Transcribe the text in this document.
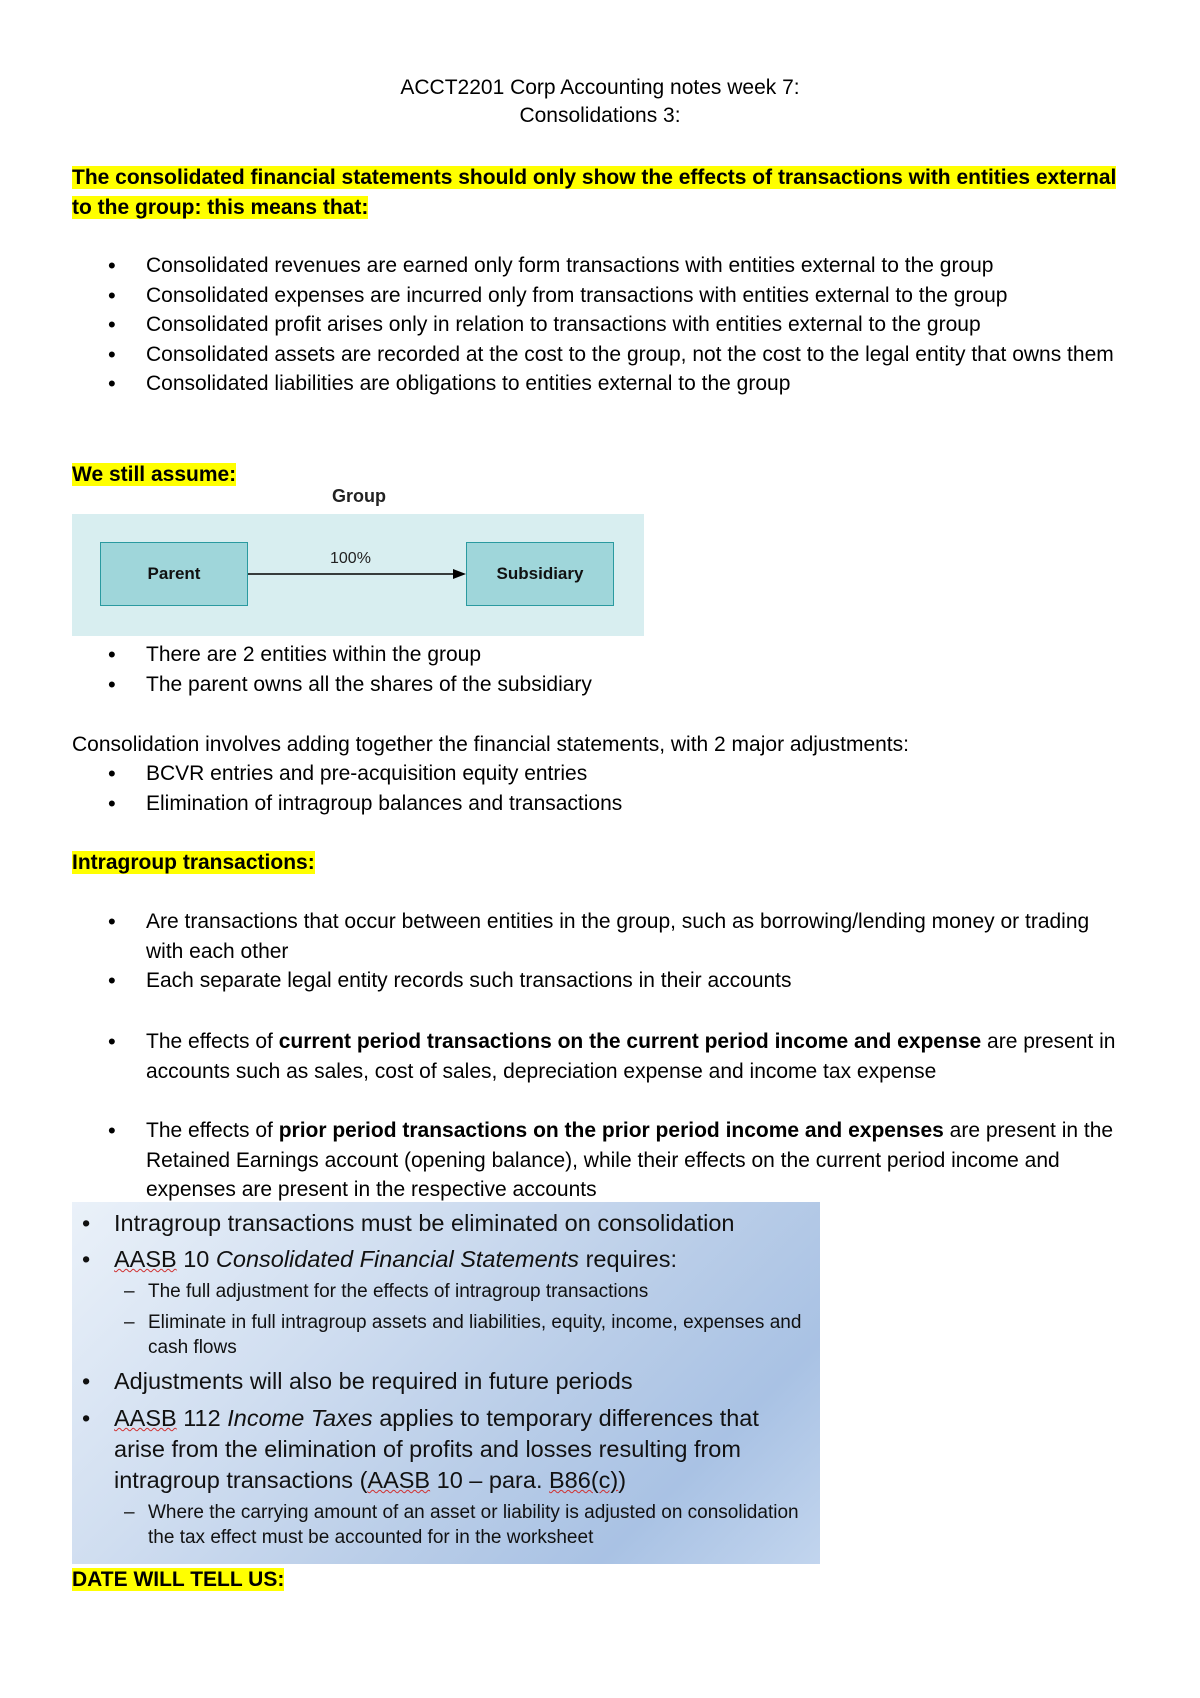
ACCT2201 Corp Accounting notes week 7:
Consolidations 3:
The consolidated financial statements should only show the effects of transactions with entities external to the group: this means that:
• Consolidated revenues are earned only form transactions with entities external to the group
• Consolidated expenses are incurred only from transactions with entities external to the group
• Consolidated profit arises only in relation to transactions with entities external to the group
• Consolidated assets are recorded at the cost to the group, not the cost to the legal entity that owns them
• Consolidated liabilities are obligations to entities external to the group
We still assume:
Group
Parent	Subsidiary
100%
• There are 2 entities within the group
• The parent owns all the shares of the subsidiary
Consolidation involves adding together the financial statements, with 2 major adjustments:
• BCVR entries and pre-acquisition equity entries
• Elimination of intragroup balances and transactions
Intragroup transactions:
• Are transactions that occur between entities in the group, such as borrowing/lending money or trading with each other
• Each separate legal entity records such transactions in their accounts
• The effects of current period transactions on the current period income and expense are present in accounts such as sales, cost of sales, depreciation expense and income tax expense
• The effects of prior period transactions on the prior period income and expenses are present in the Retained Earnings account (opening balance), while their effects on the current period income and expenses are present in the respective accounts
• Intragroup transactions must be eliminated on consolidation
• AASB 10 Consolidated Financial Statements requires:
– The full adjustment for the effects of intragroup transactions
– Eliminate in full intragroup assets and liabilities, equity, income, expenses and cash flows
• Adjustments will also be required in future periods
• AASB 112 Income Taxes applies to temporary differences that arise from the elimination of profits and losses resulting from intragroup transactions (AASB 10 – para. B86(c))
– Where the carrying amount of an asset or liability is adjusted on consolidation the tax effect must be accounted for in the worksheet
DATE WILL TELL US:
